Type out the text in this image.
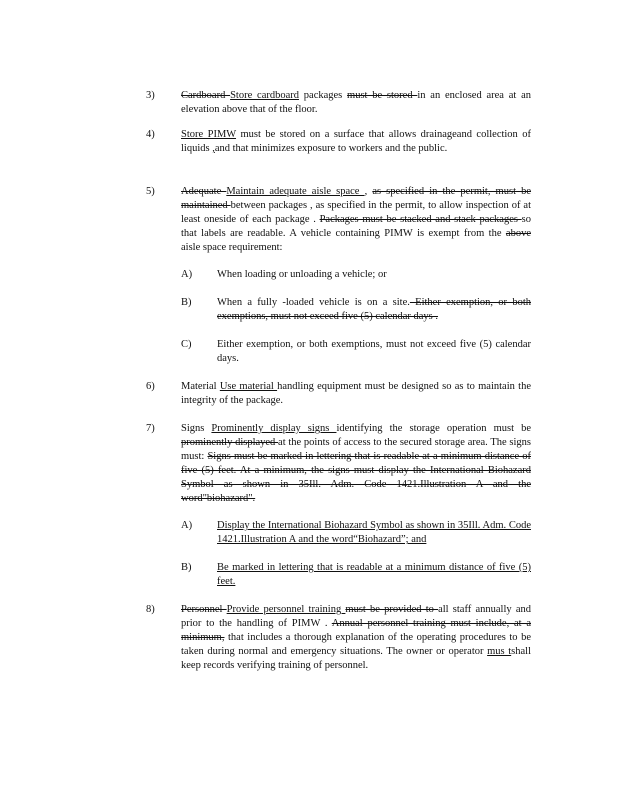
3)	Cardboard Store cardboard packages must be stored in an enclosed area at an elevation above that of the floor.
4)	Store PIMW must be stored on a surface that allows drainageand collection of liquids ,and that minimizes exposure to workers and the public.
5)	Adequate Maintain adequate aisle space , as specified in the permit, must be maintained between packages , as specified in the permit, to allow inspection of at least oneside of each package . Packages must be stacked and stack packages so that labels are readable. A vehicle containing PIMW is exempt from the above aisle space requirement:
A)	When loading or unloading a vehicle; or
B)	When a fully -loaded vehicle is on a site. Either exemption, or both exemptions, must not exceed five (5) calendar days .
C)	Either exemption, or both exemptions, must not exceed five (5) calendar days.
6)	Material Use material handling equipment must be designed so as to maintain the integrity of the package.
7)	Signs Prominently display signs identifying the storage operation must be prominently displayed at the points of access to the secured storage area. The signs must: Signs must be marked in lettering that is readable at a minimum distance of five (5) feet. At a minimum, the signs must display the International Biohazard Symbol as shown in 35Ill. Adm. Code 1421.Illustration A and the word"biohazard".
A)	Display the International Biohazard Symbol as shown in 35Ill. Adm. Code 1421.Illustration A and the word“Biohazard”; and
B)	Be marked in lettering that is readable at a minimum distance of five (5) feet.
8)	Personnel Provide personnel training must be provided to all staff annually and prior to the handling of PIMW . Annual personnel training must include, at a minimum, that includes a thorough explanation of the operating procedures to be taken during normal and emergency situations. The owner or operator mus tshall keep records verifying training of personnel.
